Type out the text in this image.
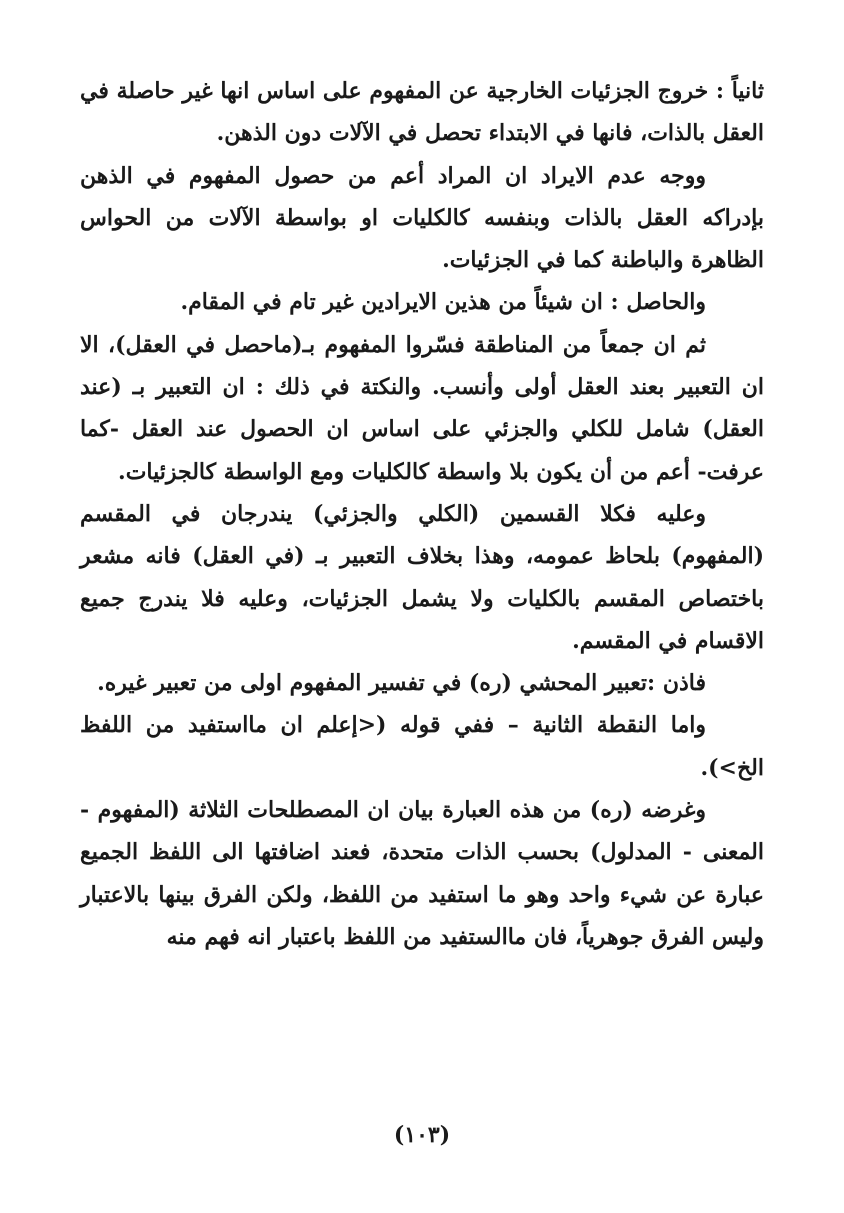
ثانياً : خروج الجزئيات الخارجية عن المفهوم على اساس انها غير حاصلة في العقل بالذات، فانها في الابتداء تحصل في الآلات دون الذهن.

ووجه عدم الايراد ان المراد أعم من حصول المفهوم في الذهن بإدراكه العقل بالذات وبنفسه كالكليات او بواسطة الآلات من الحواس الظاهرة والباطنة كما في الجزئيات.

والحاصل : ان شيئاً من هذين الايرادين غير تام في المقام.

ثم ان جمعاً من المناطقة فسّروا المفهوم بـ(ماحصل في العقل)، الا ان التعبير بعند العقل أولى وأنسب. والنكتة في ذلك : ان التعبير بـ (عند العقل) شامل للكلي والجزئي على اساس ان الحصول عند العقل -كما عرفت- أعم من أن يكون بلا واسطة كالكليات ومع الواسطة كالجزئيات.

وعليه فكلا القسمين (الكلي والجزئي) يندرجان في المقسم (المفهوم) بلحاظ عمومه، وهذا بخلاف التعبير بـ (في العقل) فانه مشعر باختصاص المقسم بالكليات ولا يشمل الجزئيات، وعليه فلا يندرج جميع الاقسام في المقسم.

فاذن :تعبير المحشي (ره) في تفسير المفهوم اولى من تعبير غيره.

واما النقطة الثانية – ففي قوله (<إعلم ان مااستفيد من اللفظ الخ>).

وغرضه (ره) من هذه العبارة بيان ان المصطلحات الثلاثة (المفهوم - المعنى - المدلول) بحسب الذات متحدة، فعند اضافتها الى اللفظ الجميع عبارة عن شيء واحد وهو ما استفيد من اللفظ، ولكن الفرق بينها بالاعتبار وليس الفرق جوهرياً، فان ماالستفيد من اللفظ باعتبار انه فهم منه

(١٠٣)
